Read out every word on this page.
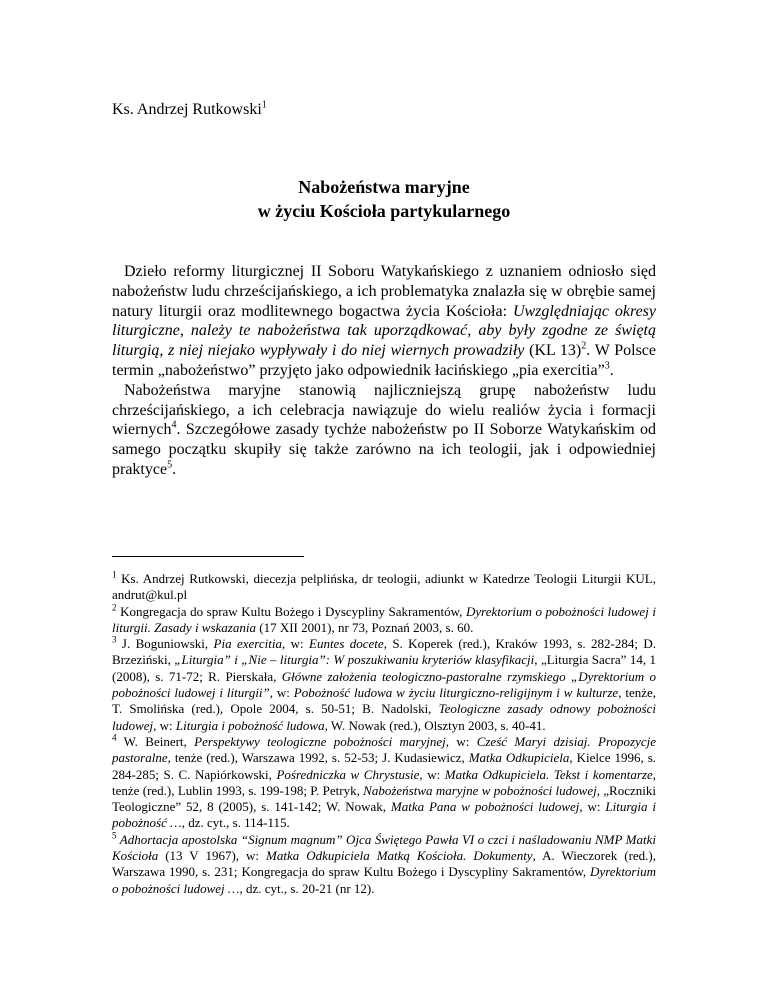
Ks. Andrzej Rutkowski$^1$
Nabożeństwa maryjne
w życiu Kościoła partykularnego

Dzieło reformy liturgicznej II Soboru Watykańskiego z uznaniem odniosło sięd nabożeństw ludu chrześcijańskiego, a ich problematyka znalazła się w obrębie samej natury liturgii oraz modlitewnego bogactwa życia Kościoła: Uwzględniając okresy liturgiczne, należy te nabożeństwa tak uporządkować, aby były zgodne ze świętą liturgią, z niej niejako wypływały i do niej wiernych prowadziły (KL 13)$^2$. W Polsce termin „nabożeństwo” przyjęto jako odpowiednik łacińskiego „pia exercitia”$^3$.

Nabożeństwa maryjne stanowią najliczniejszą grupę nabożeństw ludu chrześcijańskiego, a ich celebracja nawiązuje do wielu realiów życia i formacji wiernych$^4$. Szczegółowe zasady tychże nabożeństw po II Soborze Watykańskim od samego początku skupiły się także zarówno na ich teologii, jak i odpowiedniej praktyce$^5$.

$^1$ Ks. Andrzej Rutkowski, diecezja pelplińska, dr teologii, adiunkt w Katedrze Teologii Liturgii KUL, andrut@kul.pl

$^2$ Kongregacja do spraw Kultu Bożego i Dyscypliny Sakramentów, Dyrektorium o pobożności ludowej i liturgii. Zasady i wskazania (17 XII 2001), nr 73, Poznań 2003, s. 60.

$^3$ J. Boguniowski, Pia exercitia, w: Euntes docete, S. Koperek (red.), Kraków 1993, s. 282-284; D. Brzeziński, „Liturgia” i „Nie – liturgia”: W poszukiwaniu kryteriów klasyfikacji, „Liturgia Sacra” 14, 1 (2008), s. 71-72; R. Pierskała, Główne założenia teologiczno-pastoralne rzymskiego „Dyrektorium o pobożności ludowej i liturgii”, w: Pobożność ludowa w życiu liturgiczno-religijnym i w kulturze, tenże, T. Smolińska (red.), Opole 2004, s. 50-51; B. Nadolski, Teologiczne zasady odnowy pobożności ludowej, w: Liturgia i pobożność ludowa, W. Nowak (red.), Olsztyn 2003, s. 40-41.

$^4$ W. Beinert, Perspektywy teologiczne pobożności maryjnej, w: Cześć Maryi dzisiaj. Propozycje pastoralne, tenże (red.), Warszawa 1992, s. 52-53; J. Kudasiewicz, Matka Odkupiciela, Kielce 1996, s. 284-285; S. C. Napiórkowski, Pośredniczka w Chrystusie, w: Matka Odkupiciela. Tekst i komentarze, tenże (red.), Lublin 1993, s. 199-198; P. Petryk, Nabożeństwa maryjne w pobożności ludowej, „Roczniki Teologiczne” 52, 8 (2005), s. 141-142; W. Nowak, Matka Pana w pobożności ludowej, w: Liturgia i pobożność …, dz. cyt., s. 114-115.

$^5$ Adhortacja apostolska “Signum magnum” Ojca Świętego Pawła VI o czci i naśladowaniu NMP Matki Kościoła (13 V 1967), w: Matka Odkupiciela Matką Kościoła. Dokumenty, A. Wieczorek (red.), Warszawa 1990, s. 231; Kongregacja do spraw Kultu Bożego i Dyscypliny Sakramentów, Dyrektorium o pobożności ludowej …, dz. cyt., s. 20-21 (nr 12).
